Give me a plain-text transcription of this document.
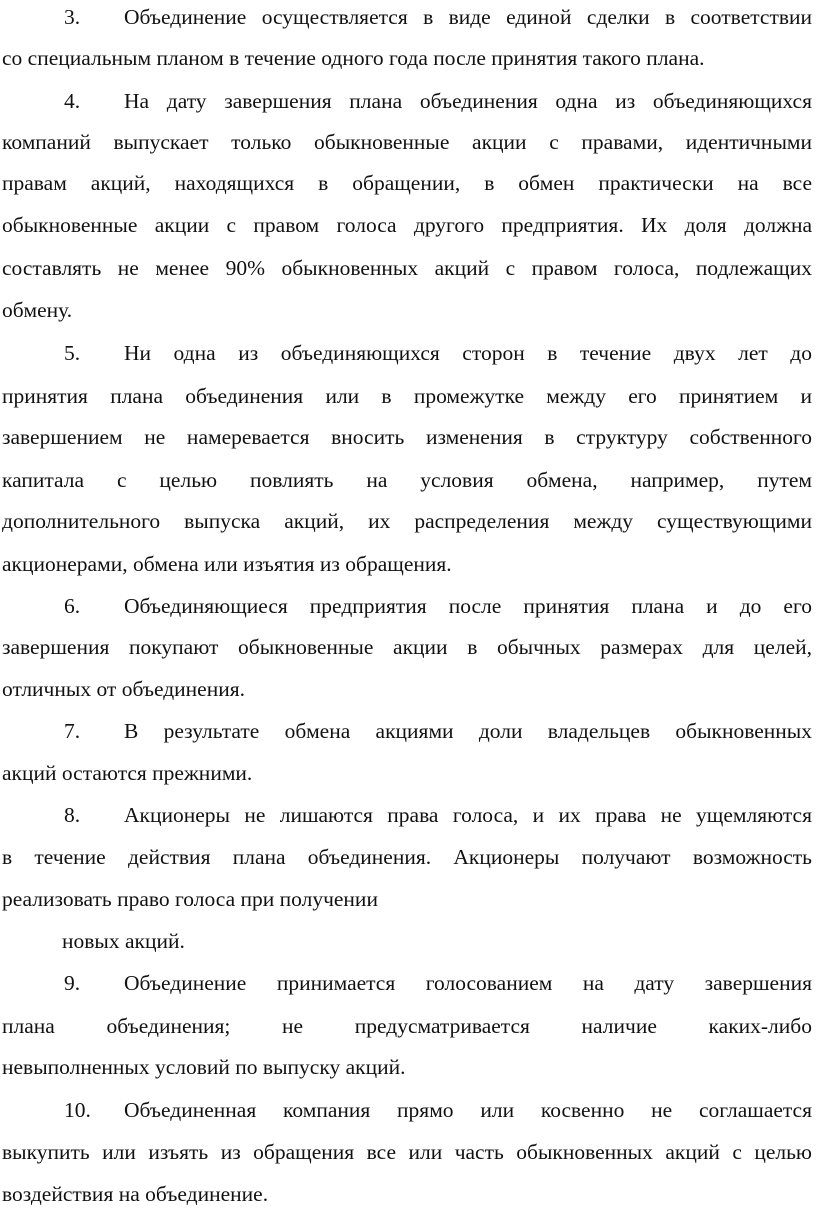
3. Объединение осуществляется в виде единой сделки в соответствии
со специальным планом в течение одного года после принятия такого плана.
4. На дату завершения плана объединения одна из объединяющихся
компаний выпускает только обыкновенные акции с правами, идентичными
правам акций, находящихся в обращении, в обмен практически на все
обыкновенные акции с правом голоса другого предприятия. Их доля должна
составлять не менее 90% обыкновенных акций с правом голоса, подлежащих
обмену.
5. Ни одна из объединяющихся сторон в течение двух лет до
принятия плана объединения или в промежутке между его принятием и
завершением не намеревается вносить изменения в структуру собственного
капитала с целью повлиять на условия обмена, например, путем
дополнительного выпуска акций, их распределения между существующими
акционерами, обмена или изъятия из обращения.
6. Объединяющиеся предприятия после принятия плана и до его
завершения покупают обыкновенные акции в обычных размерах для целей,
отличных от объединения.
7. В результате обмена акциями доли владельцев обыкновенных
акций остаются прежними.
8. Акционеры не лишаются права голоса, и их права не ущемляются
в течение действия плана объединения. Акционеры получают возможность
реализовать право голоса при получении
новых акций.
9. Объединение принимается голосованием на дату завершения
плана объединения; не предусматривается наличие каких-либо
невыполненных условий по выпуску акций.
10. Объединенная компания прямо или косвенно не соглашается
выкупить или изъять из обращения все или часть обыкновенных акций с целью
воздействия на объединение.
